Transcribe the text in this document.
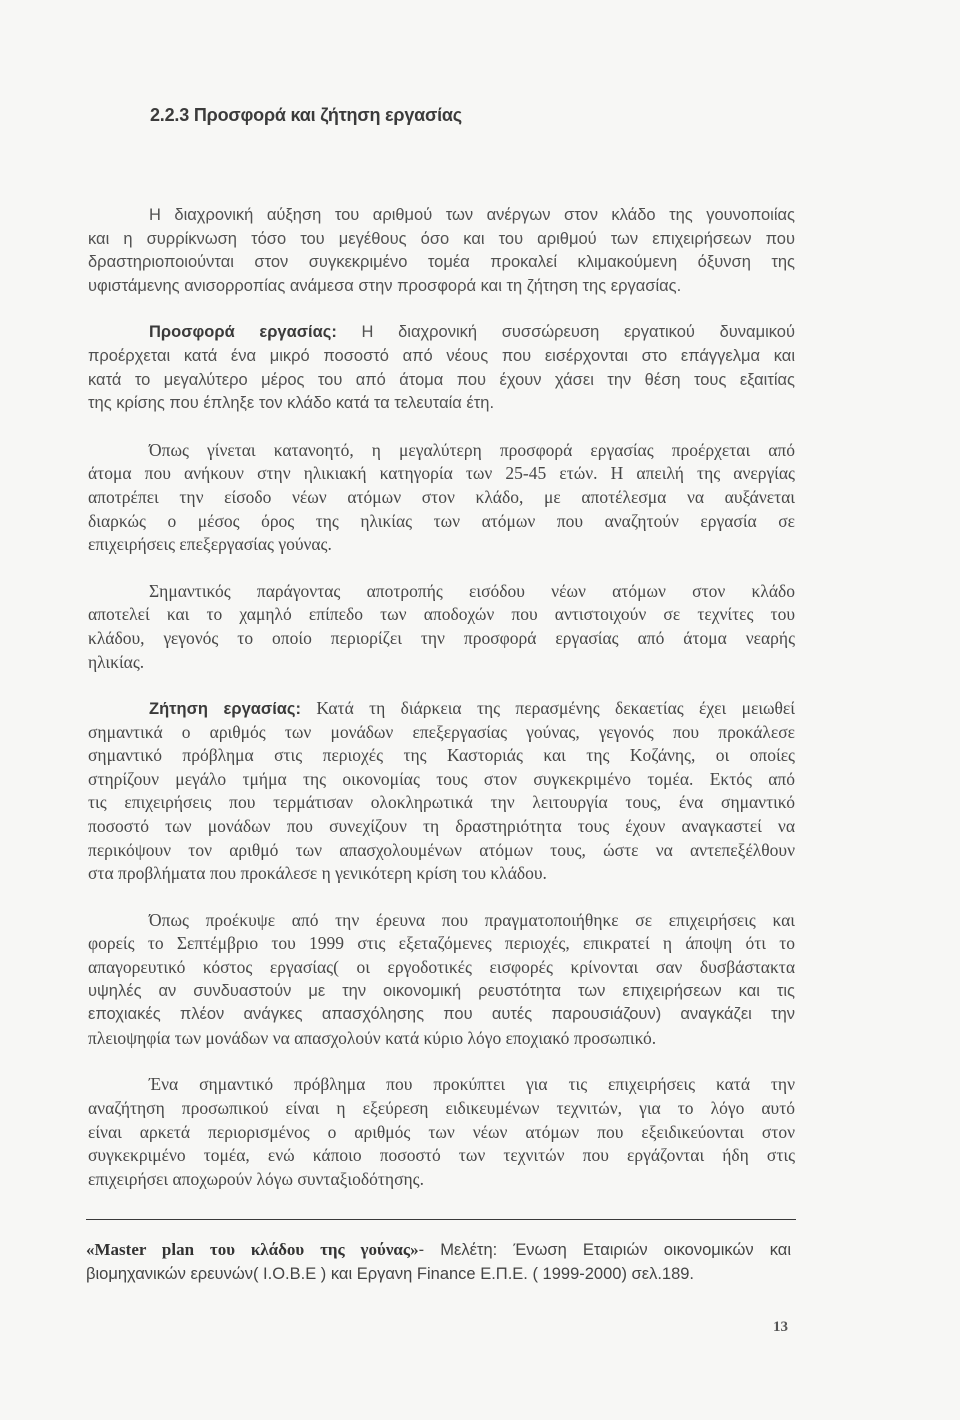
2.2.3 Προσφορά και ζήτηση εργασίας
Η διαχρονική αύξηση του αριθμού των ανέργων στον κλάδο της γουνοποιίας
και η συρρίκνωση τόσο του μεγέθους όσο και του αριθμού των επιχειρήσεων που
δραστηριοποιούνται στον συγκεκριμένο τομέα προκαλεί κλιμακούμενη όξυνση της
υφιστάμενης ανισορροπίας ανάμεσα στην προσφορά και τη ζήτηση της εργασίας.
Προσφορά εργασίας: Η διαχρονική συσσώρευση εργατικού δυναμικού
προέρχεται κατά ένα μικρό ποσοστό από νέους που εισέρχονται στο επάγγελμα και
κατά το μεγαλύτερο μέρος του από άτομα που έχουν χάσει την θέση τους εξαιτίας
της κρίσης που έπληξε τον κλάδο κατά τα τελευταία έτη.
Όπως γίνεται κατανοητό, η μεγαλύτερη προσφορά εργασίας προέρχεται από
άτομα που ανήκουν στην ηλικιακή κατηγορία των 25-45 ετών. Η απειλή της ανεργίας
αποτρέπει την είσοδο νέων ατόμων στον κλάδο, με αποτέλεσμα να αυξάνεται
διαρκώς ο μέσος όρος της ηλικίας των ατόμων που αναζητούν εργασία σε
επιχειρήσεις επεξεργασίας γούνας.
Σημαντικός παράγοντας αποτροπής εισόδου νέων ατόμων στον κλάδο
αποτελεί και το χαμηλό επίπεδο των αποδοχών που αντιστοιχούν σε τεχνίτες του
κλάδου, γεγονός το οποίο περιορίζει την προσφορά εργασίας από άτομα νεαρής
ηλικίας.
Ζήτηση εργασίας: Κατά τη διάρκεια της περασμένης δεκαετίας έχει μειωθεί
σημαντικά ο αριθμός των μονάδων επεξεργασίας γούνας, γεγονός που προκάλεσε
σημαντικό πρόβλημα στις περιοχές της Καστοριάς και της Κοζάνης, οι οποίες
στηρίζουν μεγάλο τμήμα της οικονομίας τους στον συγκεκριμένο τομέα. Εκτός από
τις επιχειρήσεις που τερμάτισαν ολοκληρωτικά την λειτουργία τους, ένα σημαντικό
ποσοστό των μονάδων που συνεχίζουν τη δραστηριότητα τους έχουν αναγκαστεί να
περικόψουν τον αριθμό των απασχολουμένων ατόμων τους, ώστε να αντεπεξέλθουν
στα προβλήματα που προκάλεσε η γενικότερη κρίση του κλάδου.
Όπως προέκυψε από την έρευνα που πραγματοποιήθηκε σε επιχειρήσεις και
φορείς το Σεπτέμβριο του 1999 στις εξεταζόμενες περιοχές, επικρατεί η άποψη ότι το
απαγορευτικό κόστος εργασίας( οι εργοδοτικές εισφορές κρίνονται σαν δυσβάστακτα
υψηλές αν συνδυαστούν με την οικονομική ρευστότητα των επιχειρήσεων και τις
εποχιακές πλέον ανάγκες απασχόλησης που αυτές παρουσιάζουν) αναγκάζει την
πλειοψηφία των μονάδων να απασχολούν κατά κύριο λόγο εποχιακό προσωπικό.
Ένα σημαντικό πρόβλημα που προκύπτει για τις επιχειρήσεις κατά την
αναζήτηση προσωπικού είναι η εξεύρεση ειδικευμένων τεχνιτών, για το λόγο αυτό
είναι αρκετά περιορισμένος ο αριθμός των νέων ατόμων που εξειδικεύονται στον
συγκεκριμένο τομέα, ενώ κάποιο ποσοστό των τεχνιτών που εργάζονται ήδη στις
επιχειρήσει αποχωρούν λόγω συνταξιοδότησης.
«Master plan του κλάδου της γούνας»- Μελέτη: Ένωση Εταιριών οικονομικών και
βιομηχανικών ερευνών( Ι.Ο.Β.Ε ) και Εργανη Finance Ε.Π.Ε. ( 1999-2000) σελ.189.
13
